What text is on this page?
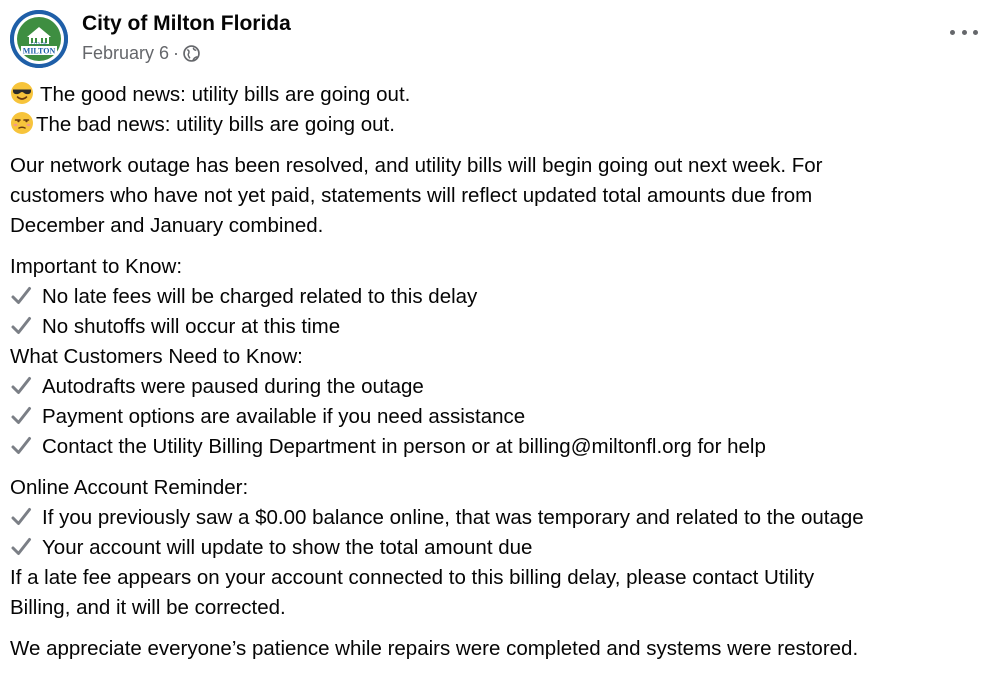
CITY OF
MILTON
City of Milton Florida
February 6 ·
The good news: utility bills are going out.
The bad news: utility bills are going out.
Our network outage has been resolved, and utility bills will begin going out next week. For
customers who have not yet paid, statements will reflect updated total amounts due from
December and January combined.
Important to Know:
No late fees will be charged related to this delay
No shutoffs will occur at this time
What Customers Need to Know:
Autodrafts were paused during the outage
Payment options are available if you need assistance
Contact the Utility Billing Department in person or at billing@miltonfl.org for help
Online Account Reminder:
If you previously saw a $0.00 balance online, that was temporary and related to the outage
Your account will update to show the total amount due
If a late fee appears on your account connected to this billing delay, please contact Utility
Billing, and it will be corrected.
We appreciate everyone’s patience while repairs were completed and systems were restored.
